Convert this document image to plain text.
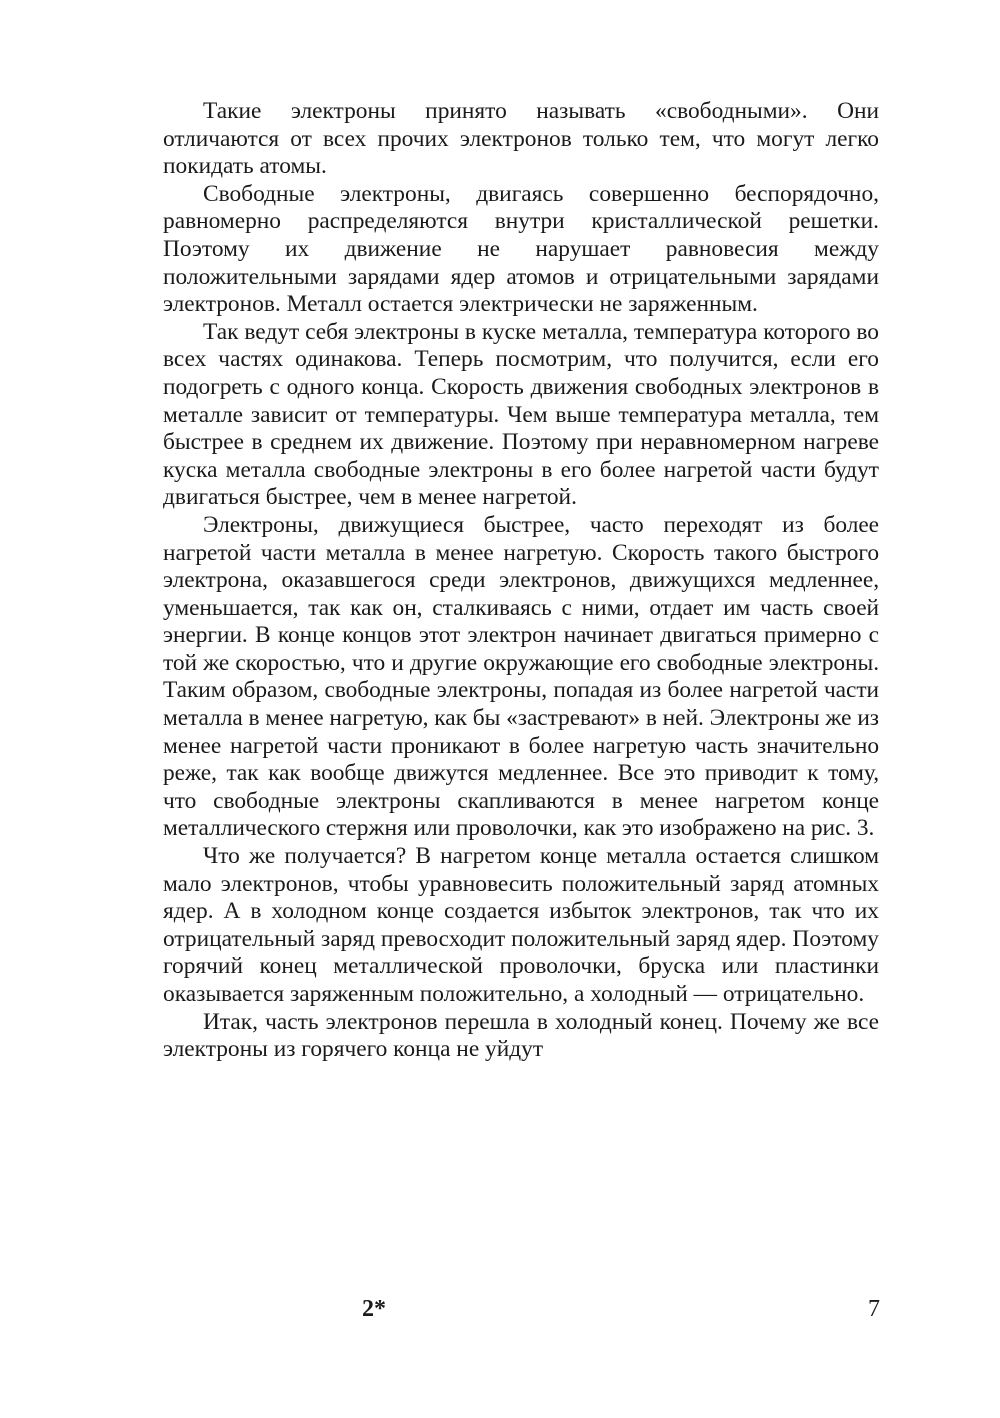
Такие электроны принято называть «свободными». Они отличаются от всех прочих электронов только тем, что могут легко покидать атомы.

Свободные электроны, двигаясь совершенно беспорядочно, равномерно распределяются внутри кристаллической решетки. Поэтому их движение не нарушает равновесия между положительными зарядами ядер атомов и отрицательными зарядами электронов. Металл остается электрически не заряженным.

Так ведут себя электроны в куске металла, температура которого во всех частях одинакова. Теперь посмотрим, что получится, если его подогреть с одного конца. Скорость движения свободных электронов в металле зависит от температуры. Чем выше температура металла, тем быстрее в среднем их движение. Поэтому при неравномерном нагреве куска металла свободные электроны в его более нагретой части будут двигаться быстрее, чем в менее нагретой.

Электроны, движущиеся быстрее, часто переходят из более нагретой части металла в менее нагретую. Скорость такого быстрого электрона, оказавшегося среди электронов, движущихся медленнее, уменьшается, так как он, сталкиваясь с ними, отдает им часть своей энергии. В конце концов этот электрон начинает двигаться примерно с той же скоростью, что и другие окружающие его свободные электроны. Таким образом, свободные электроны, попадая из более нагретой части металла в менее нагретую, как бы «застревают» в ней. Электроны же из менее нагретой части проникают в более нагретую часть значительно реже, так как вообще движутся медленнее. Все это приводит к тому, что свободные электроны скапливаются в менее нагретом конце металлического стержня или проволочки, как это изображено на рис. 3.

Что же получается? В нагретом конце металла остается слишком мало электронов, чтобы уравновесить положительный заряд атомных ядер. А в холодном конце создается избыток электронов, так что их отрицательный заряд превосходит положительный заряд ядер. Поэтому горячий конец металлической проволочки, бруска или пластинки оказывается заряженным положительно, а холодный — отрицательно.

Итак, часть электронов перешла в холодный конец. Почему же все электроны из горячего конца не уйдут

2*	7
